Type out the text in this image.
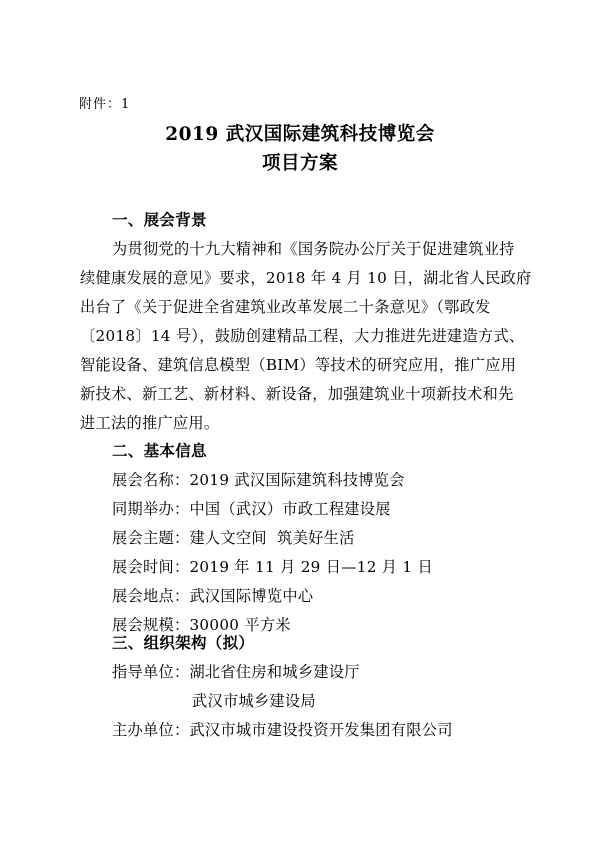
附件：1
2019 武汉国际建筑科技博览会
项目方案
一、展会背景
为贯彻党的十九大精神和《国务院办公厅关于促进建筑业持
续健康发展的意见》要求，2018 年 4 月 10 日，湖北省人民政府
出台了《关于促进全省建筑业改革发展二十条意见》（鄂政发
〔2018〕14 号），鼓励创建精品工程，大力推进先进建造方式、
智能设备、建筑信息模型（BIM）等技术的研究应用，推广应用
新技术、新工艺、新材料、新设备，加强建筑业十项新技术和先
进工法的推广应用。
二、基本信息
展会名称：2019 武汉国际建筑科技博览会
同期举办：中国（武汉）市政工程建设展
展会主题：建人文空间  筑美好生活
展会时间：2019 年 11 月 29 日—12 月 1 日
展会地点：武汉国际博览中心
展会规模：30000 平方米
三、组织架构（拟）
指导单位：湖北省住房和城乡建设厅
武汉市城乡建设局
主办单位：武汉市城市建设投资开发集团有限公司
